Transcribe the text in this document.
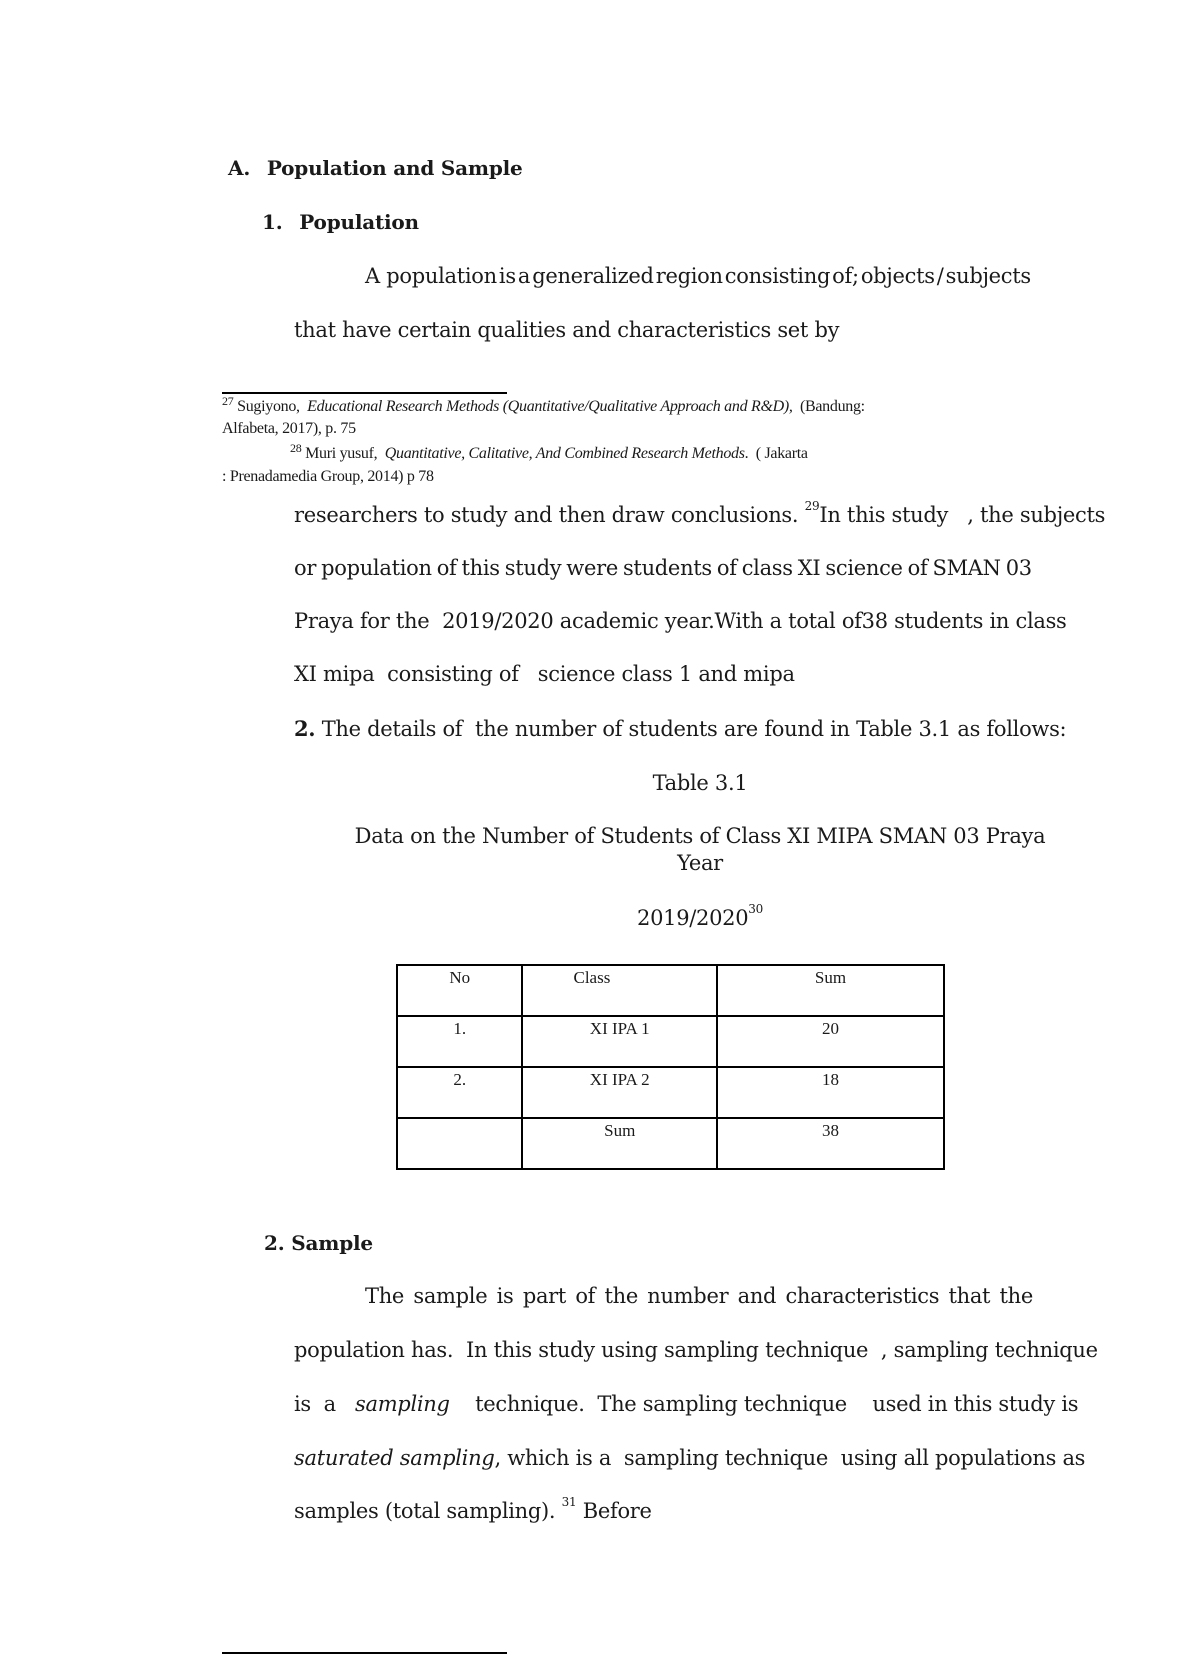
A. Population and Sample
1. Population
A population is a generalized region consisting of; objects / subjects
that have certain qualities and characteristics set by
$^{27}$ Sugiyono,  Educational Research Methods (Quantitative/Qualitative Approach and R&D),  (Bandung:
Alfabeta, 2017), p. 75
$^{28}$ Muri yusuf,  Quantitative, Calitative, And Combined Research Methods.  ( Jakarta
: Prenadamedia Group, 2014) p 78
researchers to study and then draw conclusions. $^{29}$In this study   , the subjects
or population of this study were students of class XI science of SMAN 03
Praya for the  2019/2020 academic year. With a total of 38 students in class
XI mipa  consisting of   science class 1 and mipa
2. The details of  the number of students are found in Table 3.1 as follows:
Table 3.1
Data on the Number of Students of Class XI MIPA SMAN 03 Praya
Year
2019/2020$^{30}$
No	Class	Sum
1.	XI IPA 1	20
2.	XI IPA 2	18
	Sum	38
2. Sample
The sample is part of the number and characteristics that the
population has.  In this study using sampling technique  , sampling technique
is  a   sampling    technique.  The sampling technique    used in this study is
saturated sampling, which is a  sampling technique  using all populations as
samples (total sampling). $^{31}$ Before
